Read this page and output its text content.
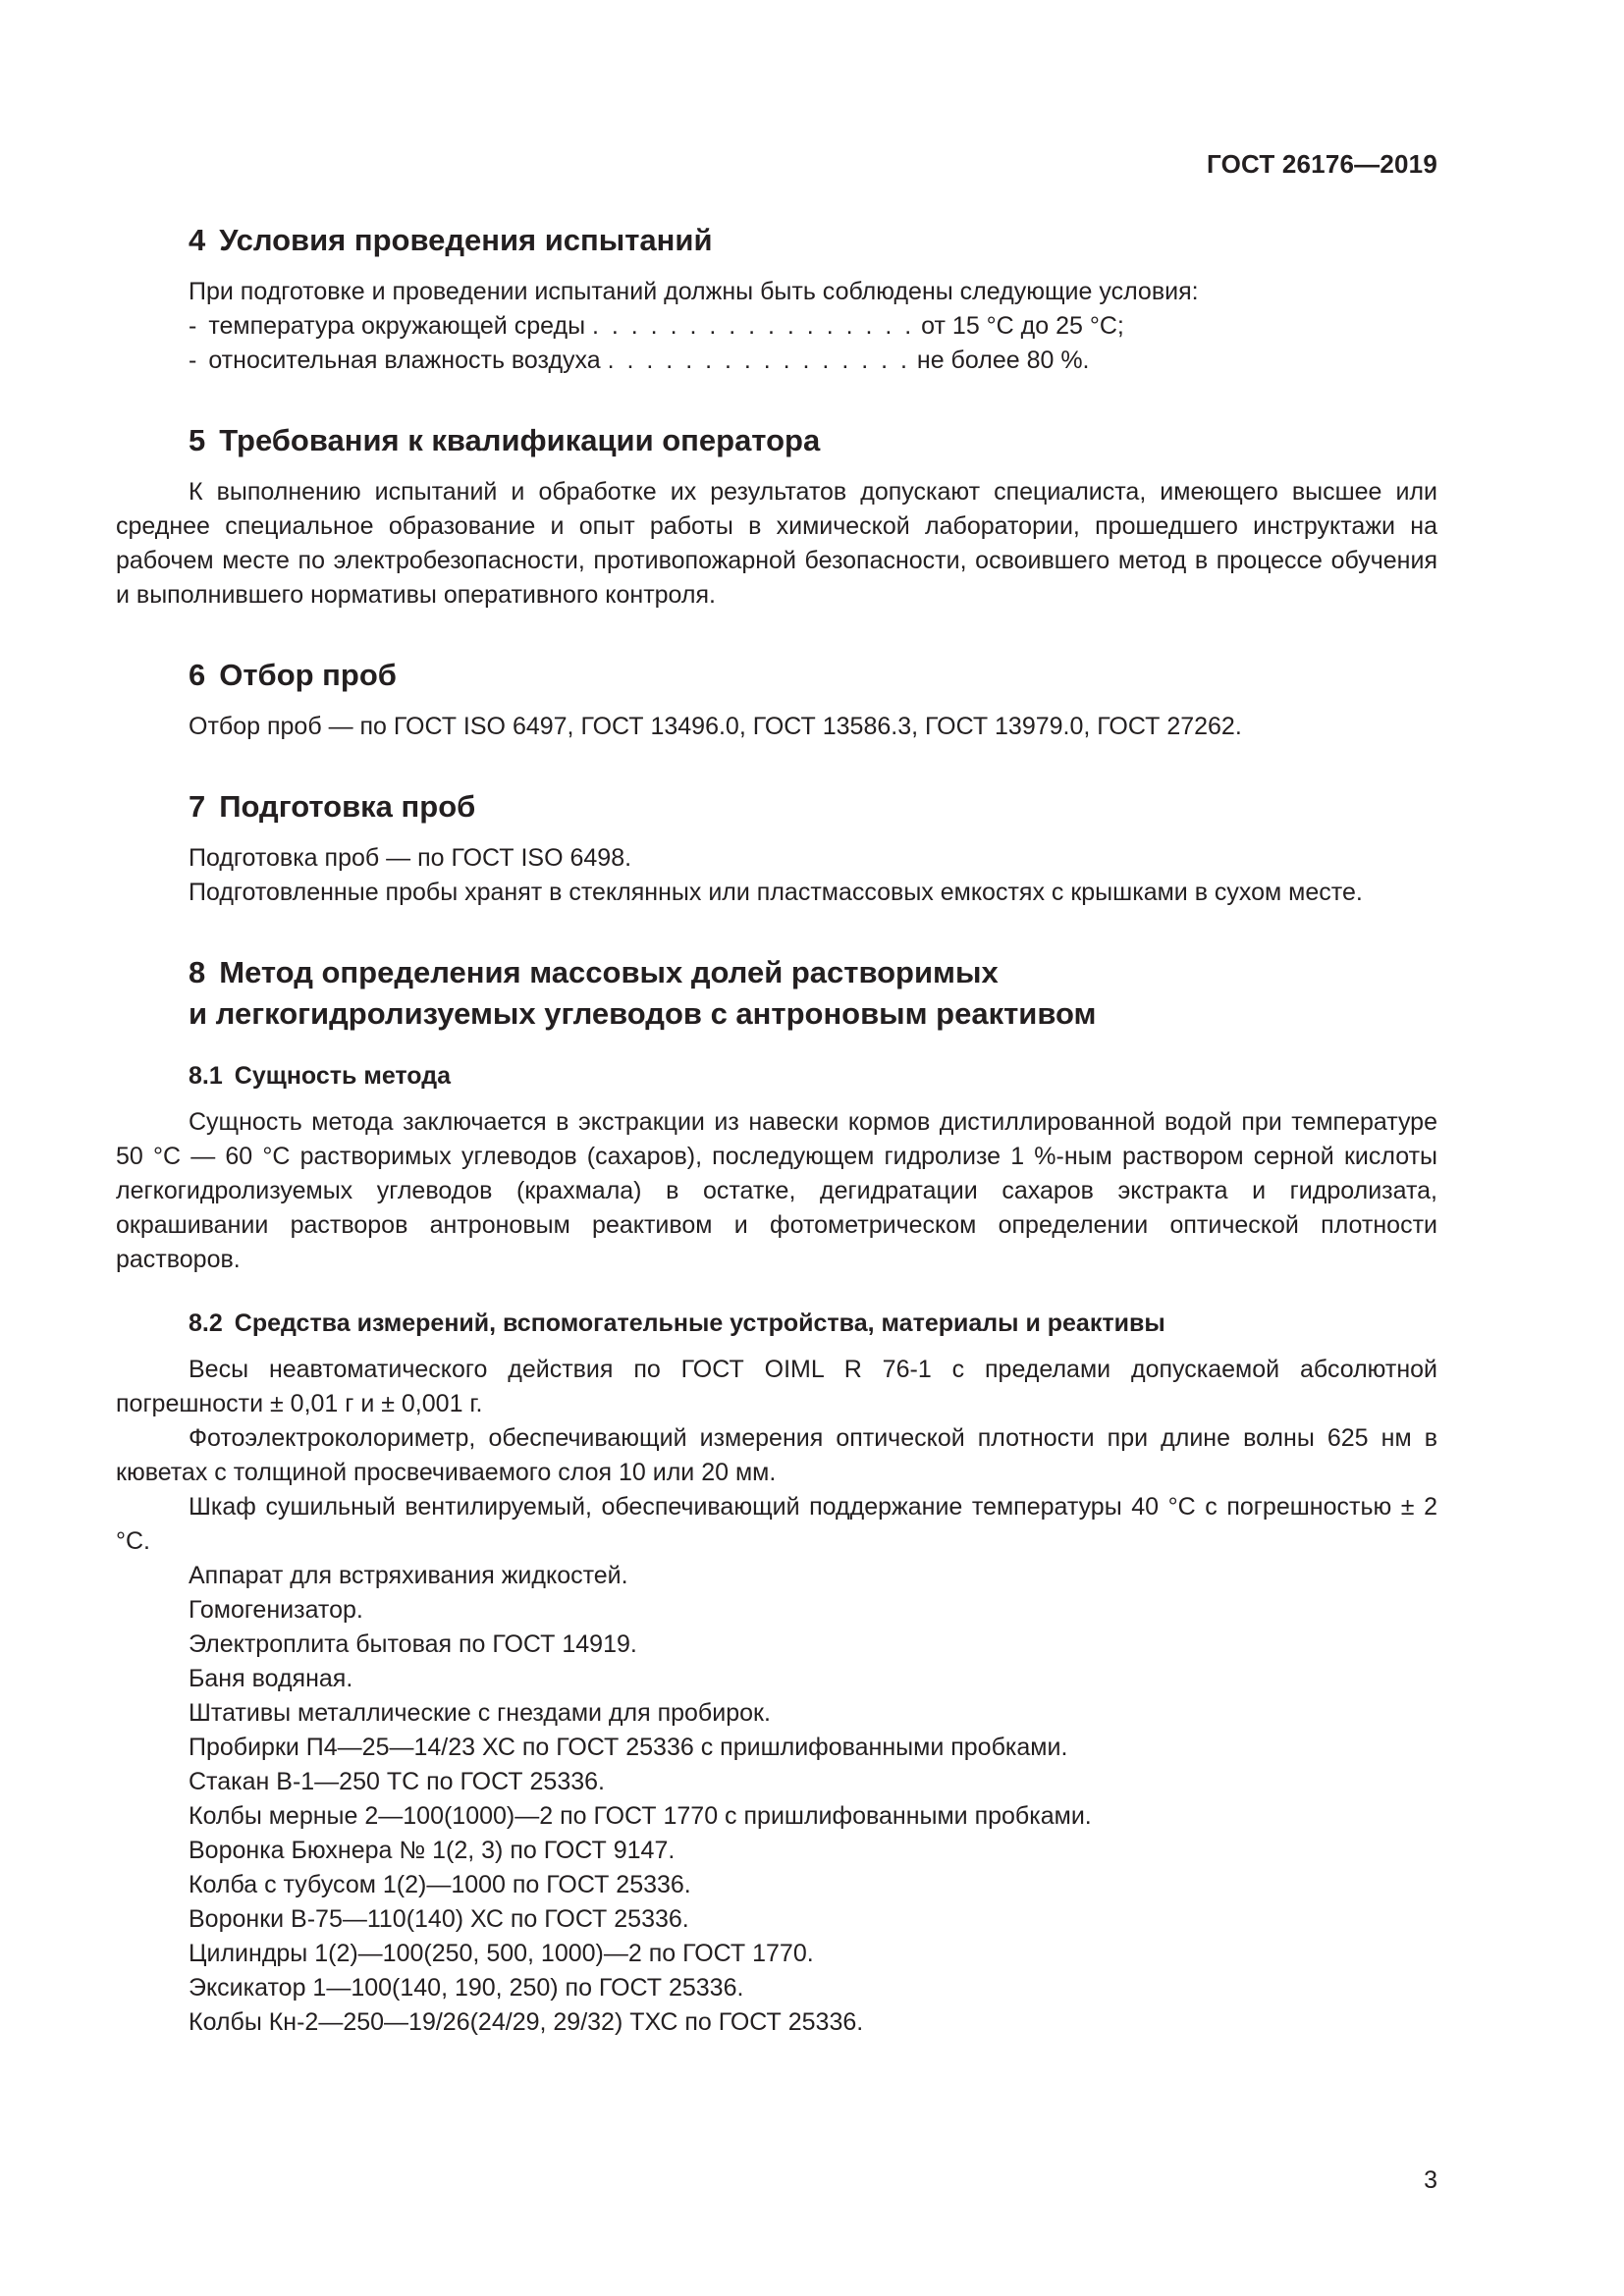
ГОСТ 26176—2019
4 Условия проведения испытаний

При подготовке и проведении испытаний должны быть соблюдены следующие условия:

- температура окружающей среды . . . . . . . . . . . . . . . . . от 15 °C до 25 °C;

- относительная влажность воздуха . . . . . . . . . . . . . . . . не более 80 %.

5 Требования к квалификации оператора

К выполнению испытаний и обработке их результатов допускают специалиста, имеющего высшее или среднее специальное образование и опыт работы в химической лаборатории, прошедшего инструктажи на рабочем месте по электробезопасности, противопожарной безопасности, освоившего метод в процессе обучения и выполнившего нормативы оперативного контроля.

6 Отбор проб

Отбор проб — по ГОСТ ISO 6497, ГОСТ 13496.0, ГОСТ 13586.3, ГОСТ 13979.0, ГОСТ 27262.

7 Подготовка проб

Подготовка проб — по ГОСТ ISO 6498.

Подготовленные пробы хранят в стеклянных или пластмассовых емкостях с крышками в сухом месте.

8 Метод определения массовых долей растворимых
и легкогидролизуемых углеводов с антроновым реактивом
8.1 Сущность метода

Сущность метода заключается в экстракции из навески кормов дистиллированной водой при температуре 50 °C — 60 °C растворимых углеводов (сахаров), последующем гидролизе 1 %-ным раствором серной кислоты легкогидролизуемых углеводов (крахмала) в остатке, дегидратации сахаров экстракта и гидролизата, окрашивании растворов антроновым реактивом и фотометрическом определении оптической плотности растворов.

8.2 Средства измерений, вспомогательные устройства, материалы и реактивы

Весы неавтоматического действия по ГОСТ OIML R 76-1 с пределами допускаемой абсолютной погрешности ± 0,01 г и ± 0,001 г.

Фотоэлектроколориметр, обеспечивающий измерения оптической плотности при длине волны 625 нм в кюветах с толщиной просвечиваемого слоя 10 или 20 мм.

Шкаф сушильный вентилируемый, обеспечивающий поддержание температуры 40 °C с погрешностью ± 2 °C.

Аппарат для встряхивания жидкостей.

Гомогенизатор.

Электроплита бытовая по ГОСТ 14919.

Баня водяная.

Штативы металлические с гнездами для пробирок.

Пробирки П4—25—14/23 ХС по ГОСТ 25336 с пришлифованными пробками.

Стакан В-1—250 ТС по ГОСТ 25336.

Колбы мерные 2—100(1000)—2 по ГОСТ 1770 с пришлифованными пробками.

Воронка Бюхнера № 1(2, 3) по ГОСТ 9147.

Колба с тубусом 1(2)—1000 по ГОСТ 25336.

Воронки В-75—110(140) ХС по ГОСТ 25336.

Цилиндры 1(2)—100(250, 500, 1000)—2 по ГОСТ 1770.

Эксикатор 1—100(140, 190, 250) по ГОСТ 25336.

Колбы Кн-2—250—19/26(24/29, 29/32) ТХС по ГОСТ 25336.

3
